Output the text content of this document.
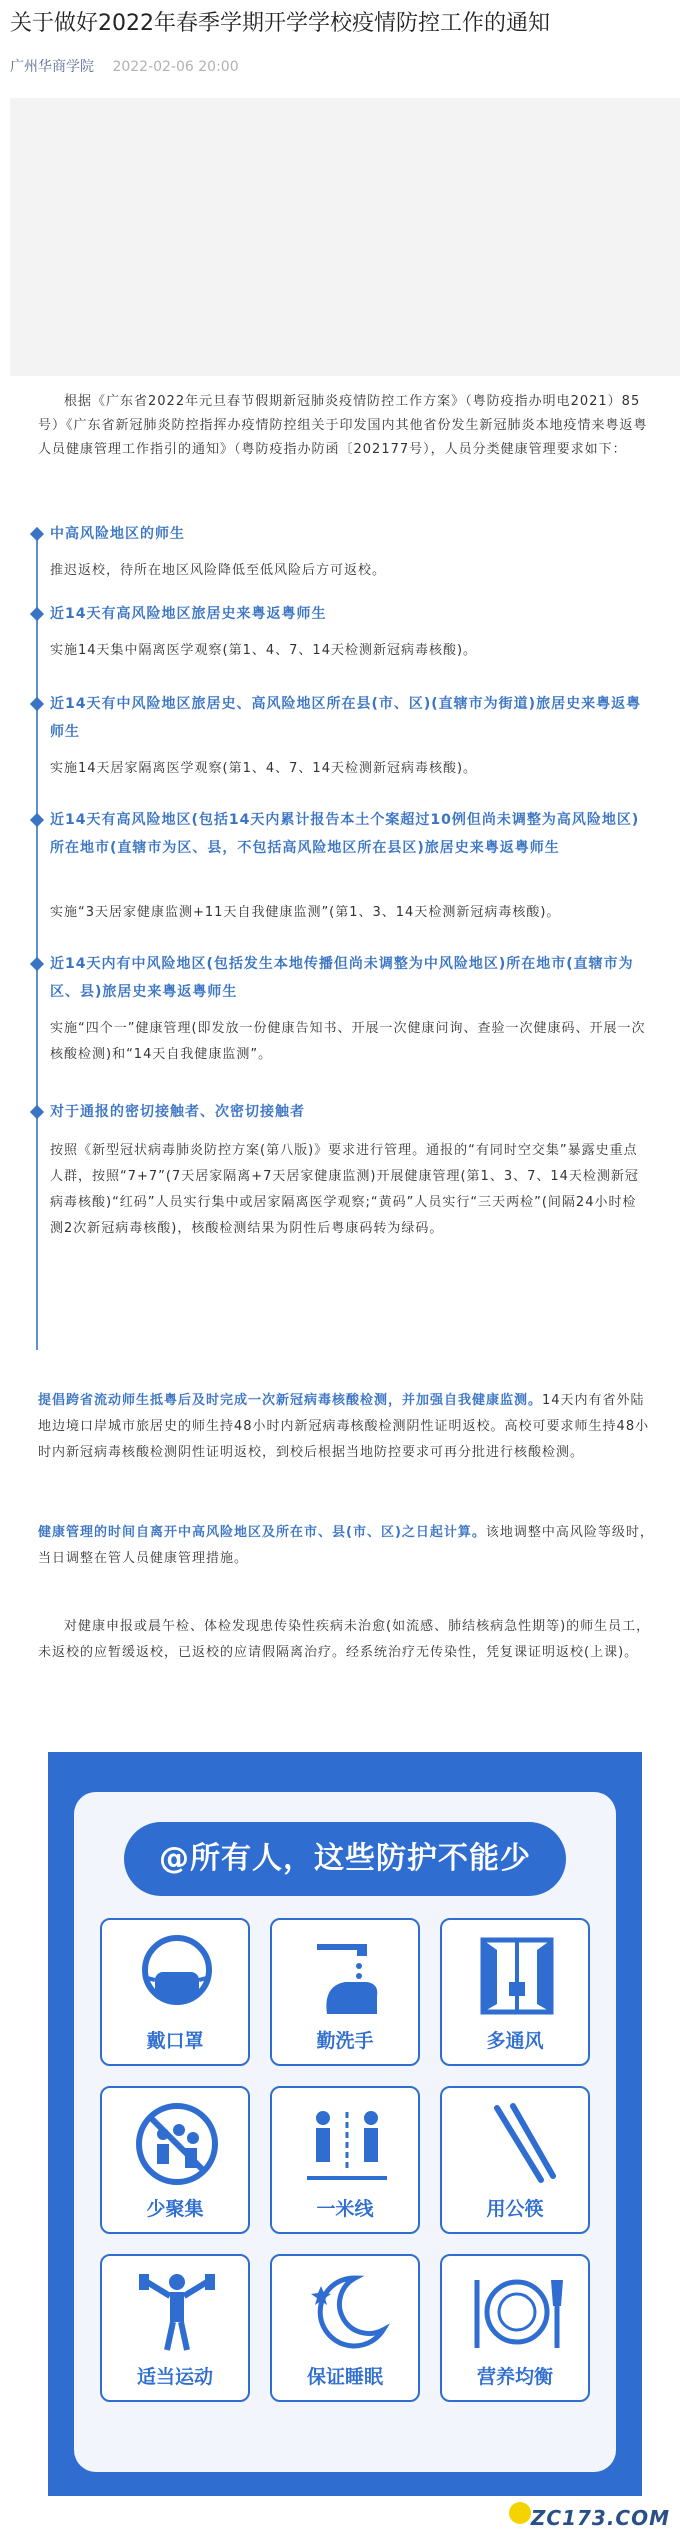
关于做好2022年春季学期开学学校疫情防控工作的通知
广州华商学院 2022-02-06 20:00

根据《广东省2022年元旦春节假期新冠肺炎疫情防控工作方案》（粤防疫指办明电2021）85号）《广东省新冠肺炎防控指挥办疫情防控组关于印发国内其他省份发生新冠肺炎本地疫情来粤返粤人员健康管理工作指引的通知》（粤防疫指办防函〔202177号），人员分类健康管理要求如下：

中高风险地区的师生
推迟返校，待所在地区风险降低至低风险后方可返校。
近14天有高风险地区旅居史来粤返粤师生
实施14天集中隔离医学观察(第1、4、7、14天检测新冠病毒核酸)。
近14天有中风险地区旅居史、高风险地区所在县(市、区)(直辖市为街道)旅居史来粤返粤师生
实施14天居家隔离医学观察(第1、4、7、14天检测新冠病毒核酸)。
近14天有高风险地区(包括14天内累计报告本土个案超过10例但尚未调整为高风险地区)所在地市(直辖市为区、县，不包括高风险地区所在县区)旅居史来粤返粤师生
实施“3天居家健康监测+11天自我健康监测”(第1、3、14天检测新冠病毒核酸)。
近14天内有中风险地区(包括发生本地传播但尚未调整为中风险地区)所在地市(直辖市为区、县)旅居史来粤返粤师生
实施“四个一”健康管理(即发放一份健康告知书、开展一次健康问询、查验一次健康码、开展一次核酸检测)和“14天自我健康监测”。
对于通报的密切接触者、次密切接触者
按照《新型冠状病毒肺炎防控方案(第八版)》要求进行管理。通报的“有同时空交集”暴露史重点人群，按照“7+7”(7天居家隔离+7天居家健康监测)开展健康管理(第1、3、7、14天检测新冠病毒核酸)“红码”人员实行集中或居家隔离医学观察;“黄码”人员实行“三天两检”(间隔24小时检测2次新冠病毒核酸)，核酸检测结果为阴性后粤康码转为绿码。

提倡跨省流动师生抵粤后及时完成一次新冠病毒核酸检测，并加强自我健康监测。14天内有省外陆地边境口岸城市旅居史的师生持48小时内新冠病毒核酸检测阴性证明返校。高校可要求师生持48小时内新冠病毒核酸检测阴性证明返校，到校后根据当地防控要求可再分批进行核酸检测。

健康管理的时间自离开中高风险地区及所在市、县(市、区)之日起计算。该地调整中高风险等级时，当日调整在管人员健康管理措施。

对健康申报或晨午检、体检发现患传染性疾病未治愈(如流感、肺结核病急性期等)的师生员工，未返校的应暂缓返校，已返校的应请假隔离治疗。经系统治疗无传染性，凭复课证明返校(上课)。

@所有人，这些防护不能少
戴口罩	勤洗手	多通风
少聚集	一米线	用公筷
适当运动	保证睡眠	营养均衡
ZC173.COM
